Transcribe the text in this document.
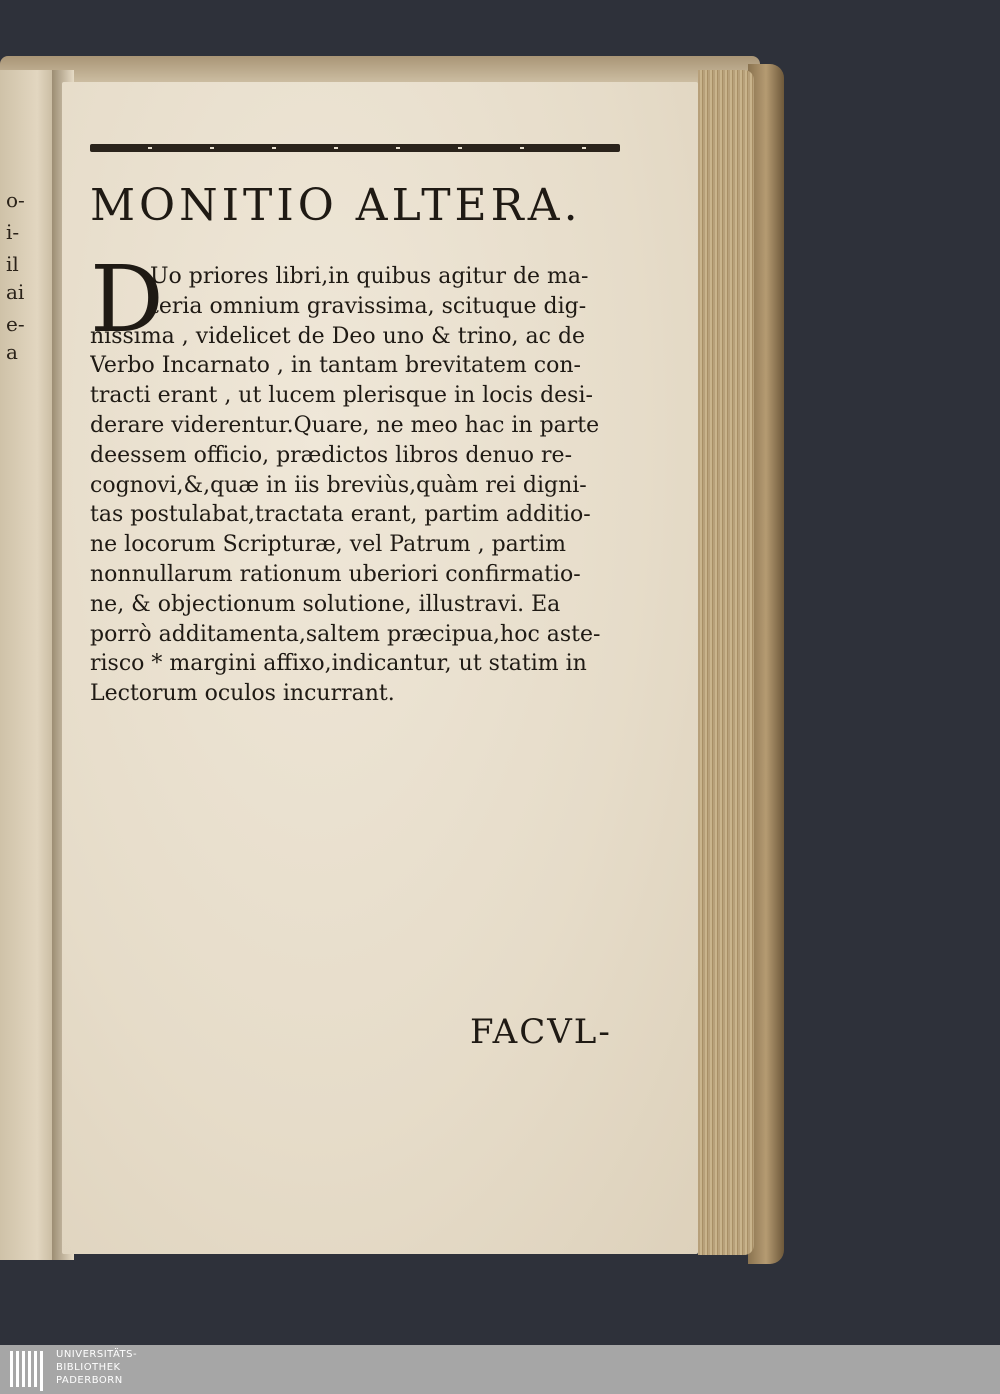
o-
i-
il
ai
e-
a
MONITIO ALTERA.
D
Uo priores libri,in quibus agitur de ma-
teria omnium gravissima, scituque dig-
nissima , videlicet de Deo uno & trino, ac de
Verbo Incarnato , in tantam brevitatem con-
tracti erant , ut lucem plerisque in locis desi-
derare viderentur.Quare, ne meo hac in parte
deessem officio, prædictos libros denuo re-
cognovi,&,quæ in iis breviùs,quàm rei digni-
tas postulabat,tractata erant, partim additio-
ne locorum Scripturæ, vel Patrum , partim
nonnullarum rationum uberiori confirmatio-
ne, & objectionum solutione, illustravi. Ea
porrò additamenta,saltem præcipua,hoc aste-
risco * margini affixo,indicantur, ut statim in
Lectorum oculos incurrant.
FACVL-
UNIVERSITÄTS-
BIBLIOTHEK
PADERBORN
